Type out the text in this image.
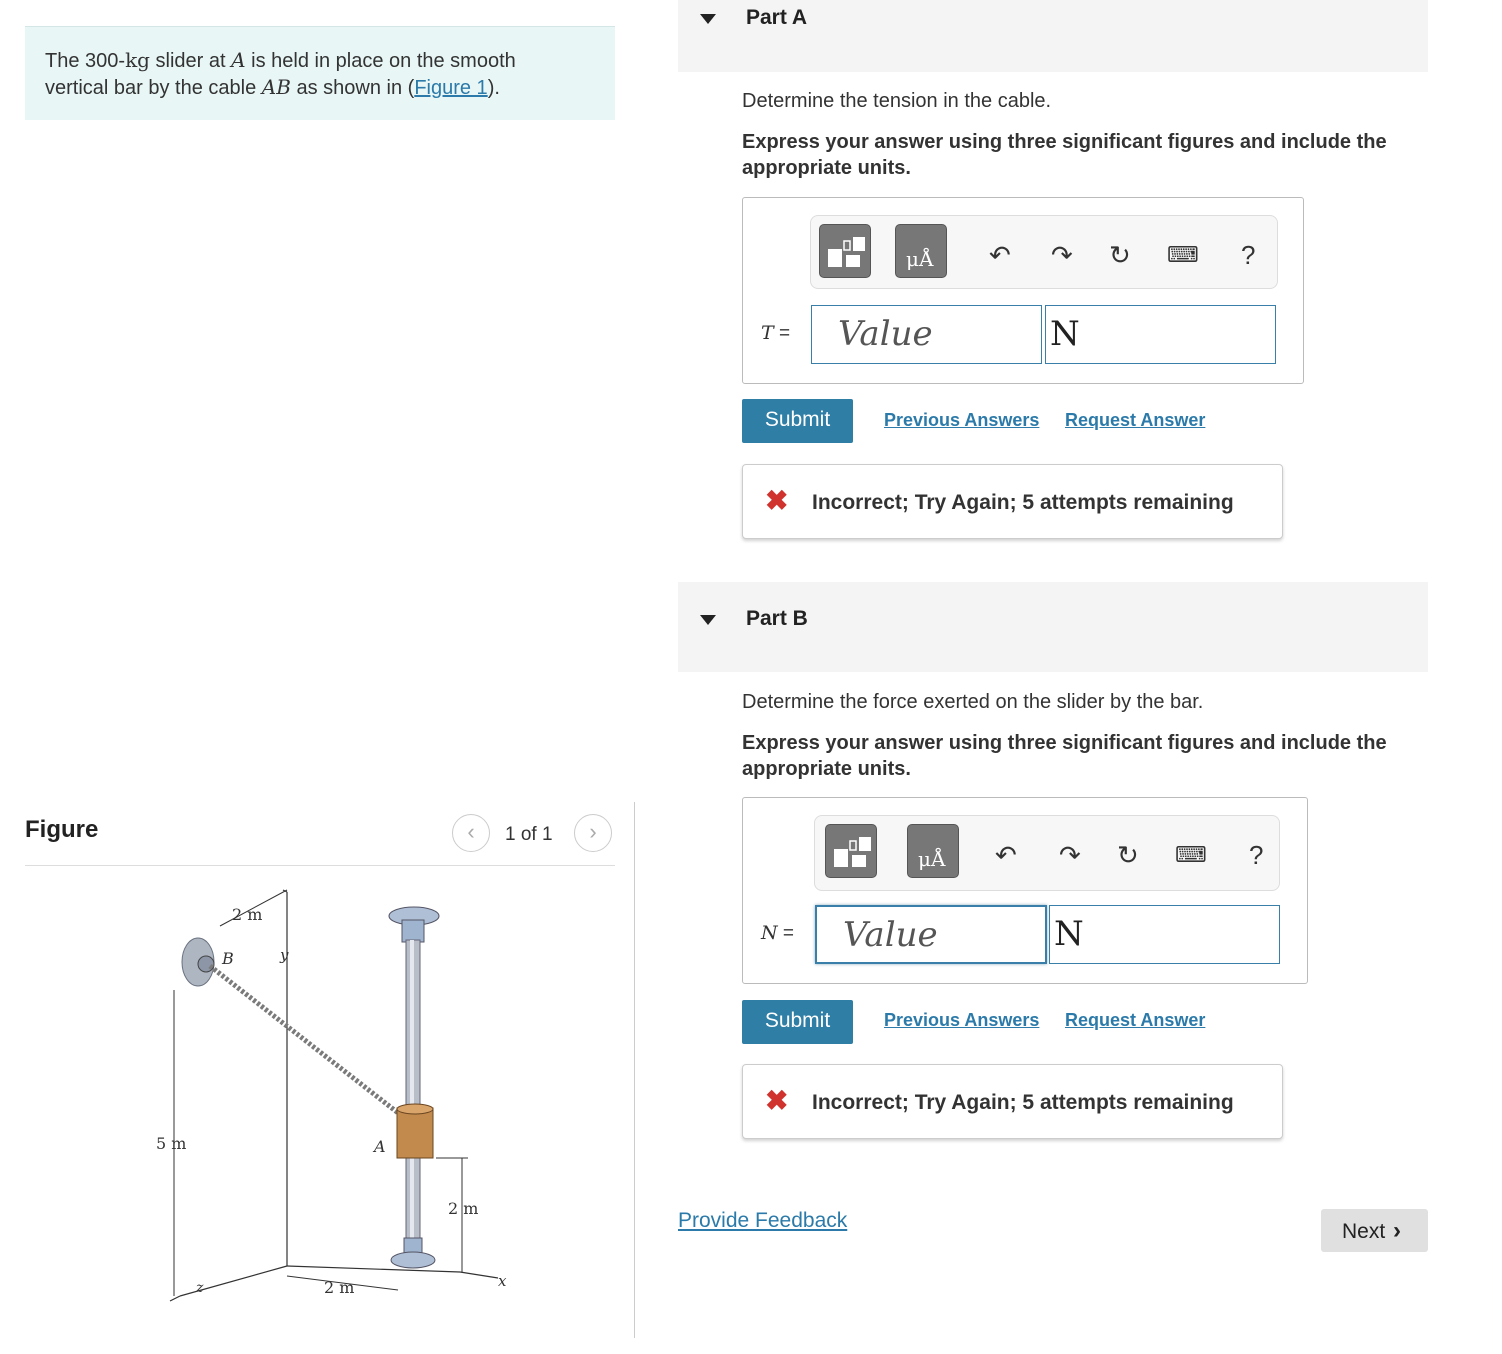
The 300-kg slider at A is held in place on the smooth
vertical bar by the cable AB as shown in (Figure 1).
Figure	‹	1 of 1	›
2 m
B	y
A
5 m
2 m
2 m	x
z
Part A
Determine the tension in the cable.
Express your answer using three significant figures and include the appropriate units.
μÅ ↶ ↷ ↻ ⌨ ?
T =	Value	N
Submit	Previous Answers Request Answer
✖ Incorrect; Try Again; 5 attempts remaining
Part B
Determine the force exerted on the slider by the bar.
Express your answer using three significant figures and include the appropriate units.
μÅ ↶ ↷ ↻ ⌨ ?
N =	Value	N
Submit	Previous Answers Request Answer
✖ Incorrect; Try Again; 5 attempts remaining
Provide Feedback	Next ›
